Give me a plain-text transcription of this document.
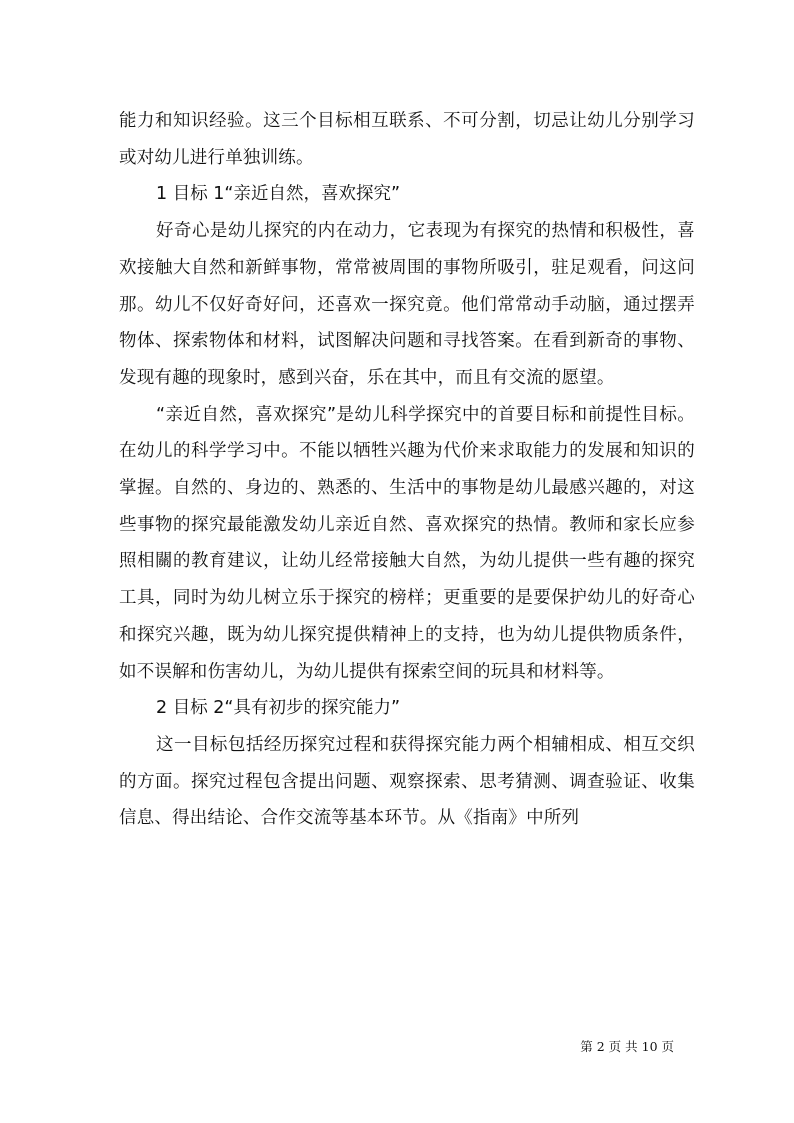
能力和知识经验。这三个目标相互联系、不可分割，切忌让幼儿分别学习或对幼儿进行单独训练。

1 目标 1“亲近自然，喜欢探究”

好奇心是幼儿探究的内在动力，它表现为有探究的热情和积极性，喜欢接触大自然和新鲜事物，常常被周围的事物所吸引，驻足观看，问这问那。幼儿不仅好奇好问，还喜欢一探究竟。他们常常动手动脑，通过摆弄物体、探索物体和材料，试图解决问题和寻找答案。在看到新奇的事物、发现有趣的现象时，感到兴奋，乐在其中，而且有交流的愿望。

“亲近自然，喜欢探究”是幼儿科学探究中的首要目标和前提性目标。在幼儿的科学学习中。不能以牺牲兴趣为代价来求取能力的发展和知识的掌握。自然的、身边的、熟悉的、生活中的事物是幼儿最感兴趣的，对这些事物的探究最能激发幼儿亲近自然、喜欢探究的热情。教师和家长应参照相關的教育建议，让幼儿经常接触大自然，为幼儿提供一些有趣的探究工具，同时为幼儿树立乐于探究的榜样；更重要的是要保护幼儿的好奇心和探究兴趣，既为幼儿探究提供精神上的支持，也为幼儿提供物质条件，如不误解和伤害幼儿，为幼儿提供有探索空间的玩具和材料等。

2 目标 2“具有初步的探究能力”

这一目标包括经历探究过程和获得探究能力两个相辅相成、相互交织的方面。探究过程包含提出问题、观察探索、思考猜测、调查验证、收集信息、得出结论、合作交流等基本环节。从《指南》中所列

第 2 页 共 10 页
